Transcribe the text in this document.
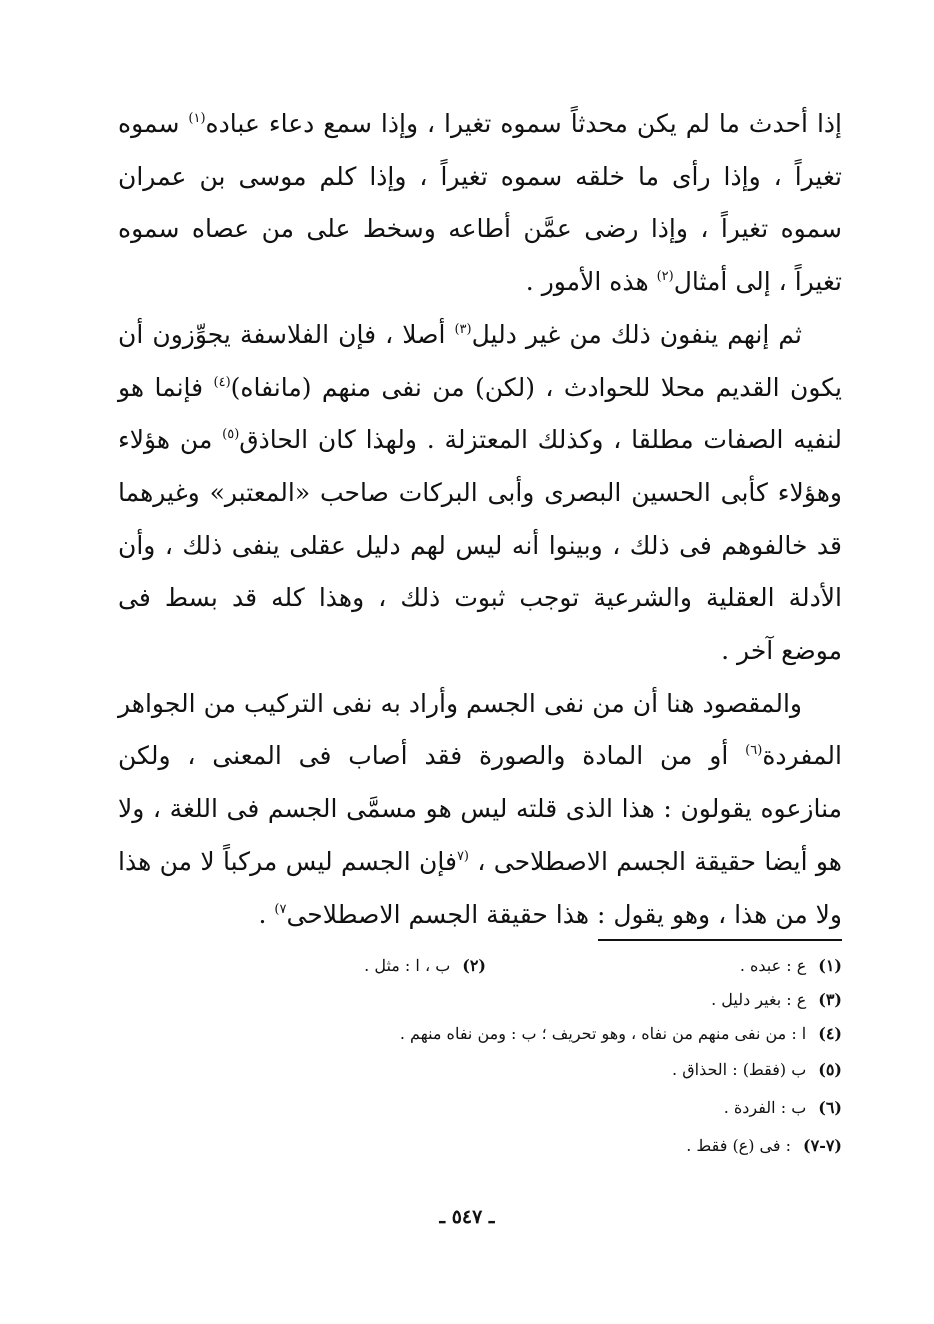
إذا أحدث ما لم يكن محدثاً سموه تغيرا ، وإذا سمع دعاء عباده$^{(١)}$ سموه تغيراً ، وإذا رأى ما خلقه سموه تغيراً ، وإذا كلم موسى بن عمران سموه تغيراً ، وإذا رضى عمَّن أطاعه وسخط على من عصاه سموه تغيراً ، إلى أمثال$^{(٢)}$ هذه الأمور .

ثم إنهم ينفون ذلك من غير دليل$^{(٣)}$ أصلا ، فإن الفلاسفة يجوِّزون أن يكون القديم محلا للحوادث ، (لكن) من نفى منهم (مانفاه)$^{(٤)}$ فإنما هو لنفيه الصفات مطلقا ، وكذلك المعتزلة . ولهذا كان الحاذق$^{(٥)}$ من هؤلاء وهؤلاء كأبى الحسين البصرى وأبى البركات صاحب «المعتبر» وغيرهما قد خالفوهم فى ذلك ، وبينوا أنه ليس لهم دليل عقلى ينفى ذلك ، وأن الأدلة العقلية والشرعية توجب ثبوت ذلك ، وهذا كله قد بسط فى موضع آخر .

والمقصود هنا أن من نفى الجسم وأراد به نفى التركيب من الجواهر المفردة$^{(٦)}$ أو من المادة والصورة فقد أصاب فى المعنى ، ولكن منازعوه يقولون : هذا الذى قلته ليس هو مسمَّى الجسم فى اللغة ، ولا هو أيضا حقيقة الجسم الاصطلاحى ، $^{(٧}$فإن الجسم ليس مركباً لا من هذا ولا من هذا ، وهو يقول : هذا حقيقة الجسم الاصطلاحى$^{٧)}$ .

(١)ع : عبده .
(٢)ب ، ا : مثل .
(٣)ع : بغير دليل .
(٤)ا : من نفى منهم من نفاه ، وهو تحريف ؛ ب : ومن نفاه منهم .
(٥)ب (فقط) : الحذاق .
(٦)ب : الفردة .
(٧-٧): فى (ع) فقط .
ـ ٥٤٧ ـ
